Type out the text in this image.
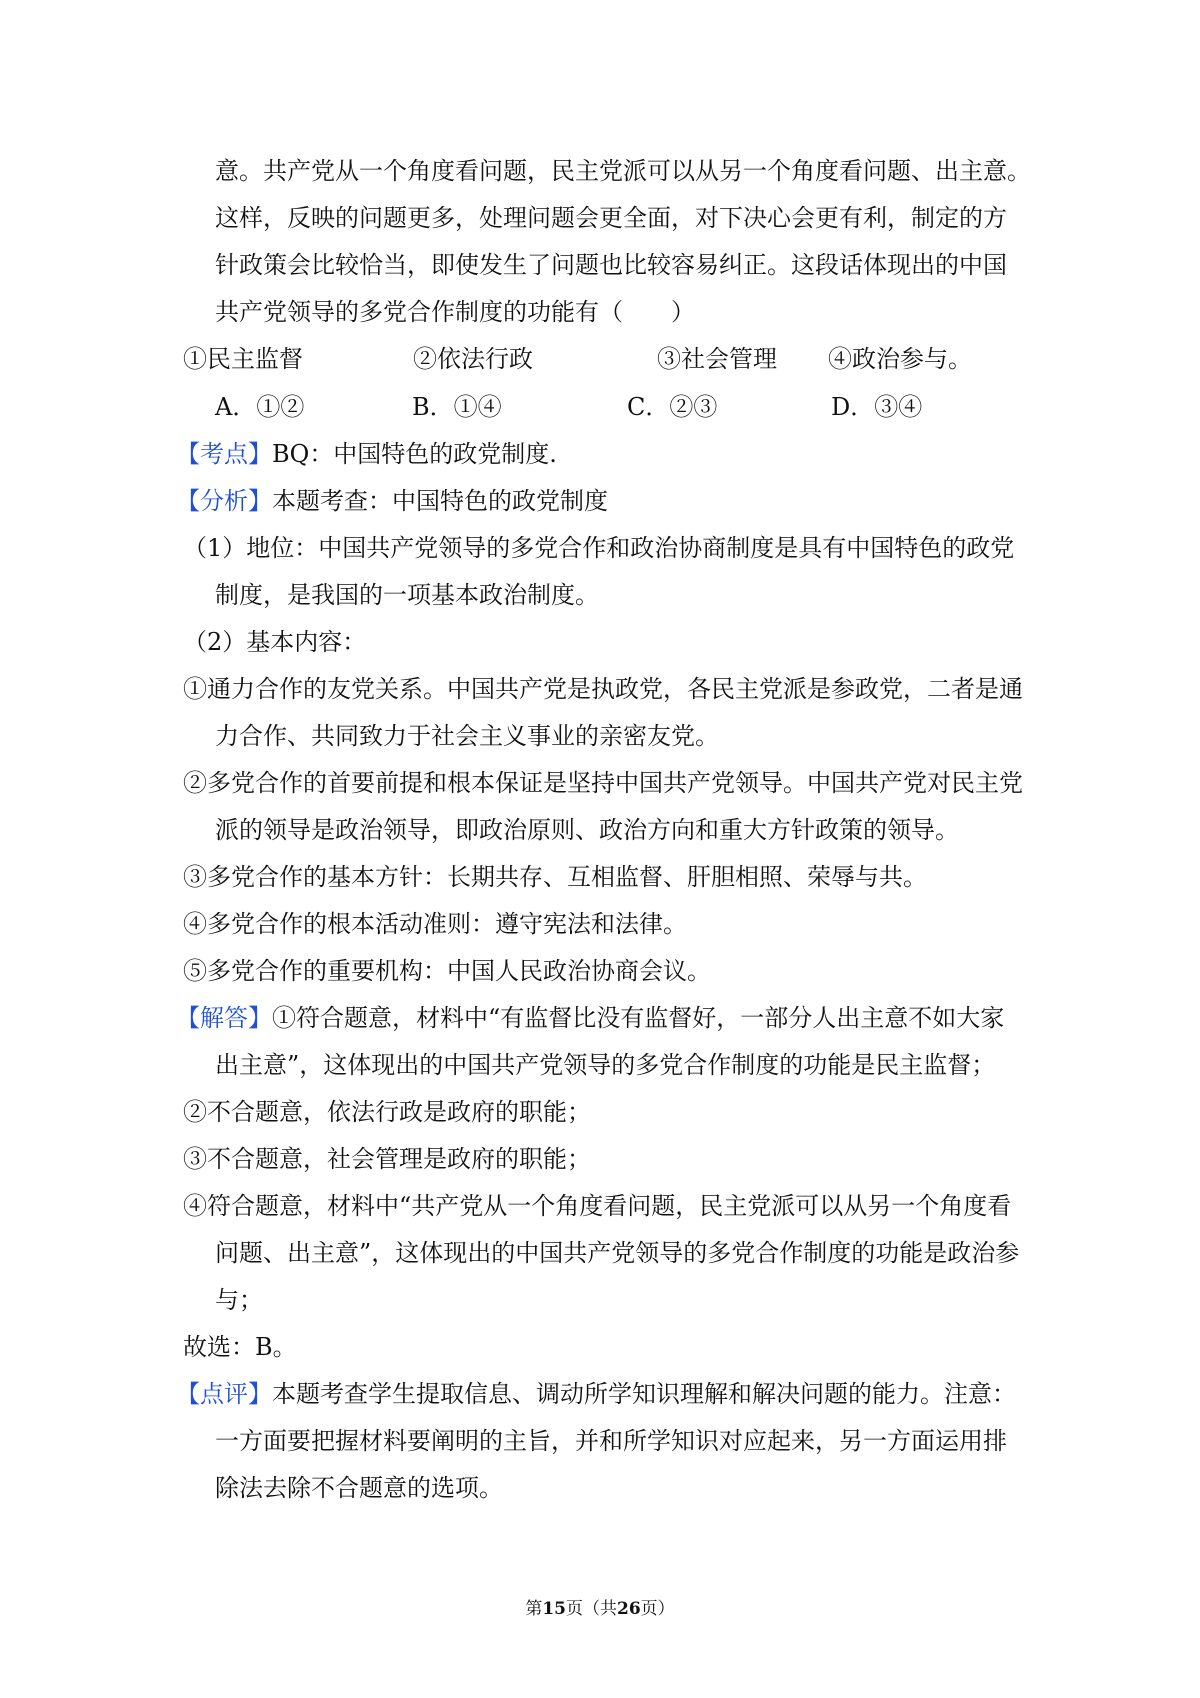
意。共产党从一个角度看问题，民主党派可以从另一个角度看问题、出主意。
这样，反映的问题更多，处理问题会更全面，对下决心会更有利，制定的方
针政策会比较恰当，即使发生了问题也比较容易纠正。这段话体现出的中国
共产党领导的多党合作制度的功能有（　　）
①民主监督	②依法行政	③社会管理 ④政治参与。
A．①②	B．①④	C．②③	D．③④
【考点】BQ：中国特色的政党制度.
【分析】本题考查：中国特色的政党制度
（1）地位：中国共产党领导的多党合作和政治协商制度是具有中国特色的政党
制度，是我国的一项基本政治制度。
（2）基本内容：
①通力合作的友党关系。中国共产党是执政党，各民主党派是参政党，二者是通
力合作、共同致力于社会主义事业的亲密友党。
②多党合作的首要前提和根本保证是坚持中国共产党领导。中国共产党对民主党
派的领导是政治领导，即政治原则、政治方向和重大方针政策的领导。
③多党合作的基本方针：长期共存、互相监督、肝胆相照、荣辱与共。
④多党合作的根本活动准则：遵守宪法和法律。
⑤多党合作的重要机构：中国人民政治协商会议。
【解答】①符合题意，材料中“有监督比没有监督好，一部分人出主意不如大家
出主意”，这体现出的中国共产党领导的多党合作制度的功能是民主监督；
②不合题意，依法行政是政府的职能；
③不合题意，社会管理是政府的职能；
④符合题意，材料中“共产党从一个角度看问题，民主党派可以从另一个角度看
问题、出主意”，这体现出的中国共产党领导的多党合作制度的功能是政治参
与；
故选：B。
【点评】本题考查学生提取信息、调动所学知识理解和解决问题的能力。注意：
一方面要把握材料要阐明的主旨，并和所学知识对应起来，另一方面运用排
除法去除不合题意的选项。
第15页（共26页）
